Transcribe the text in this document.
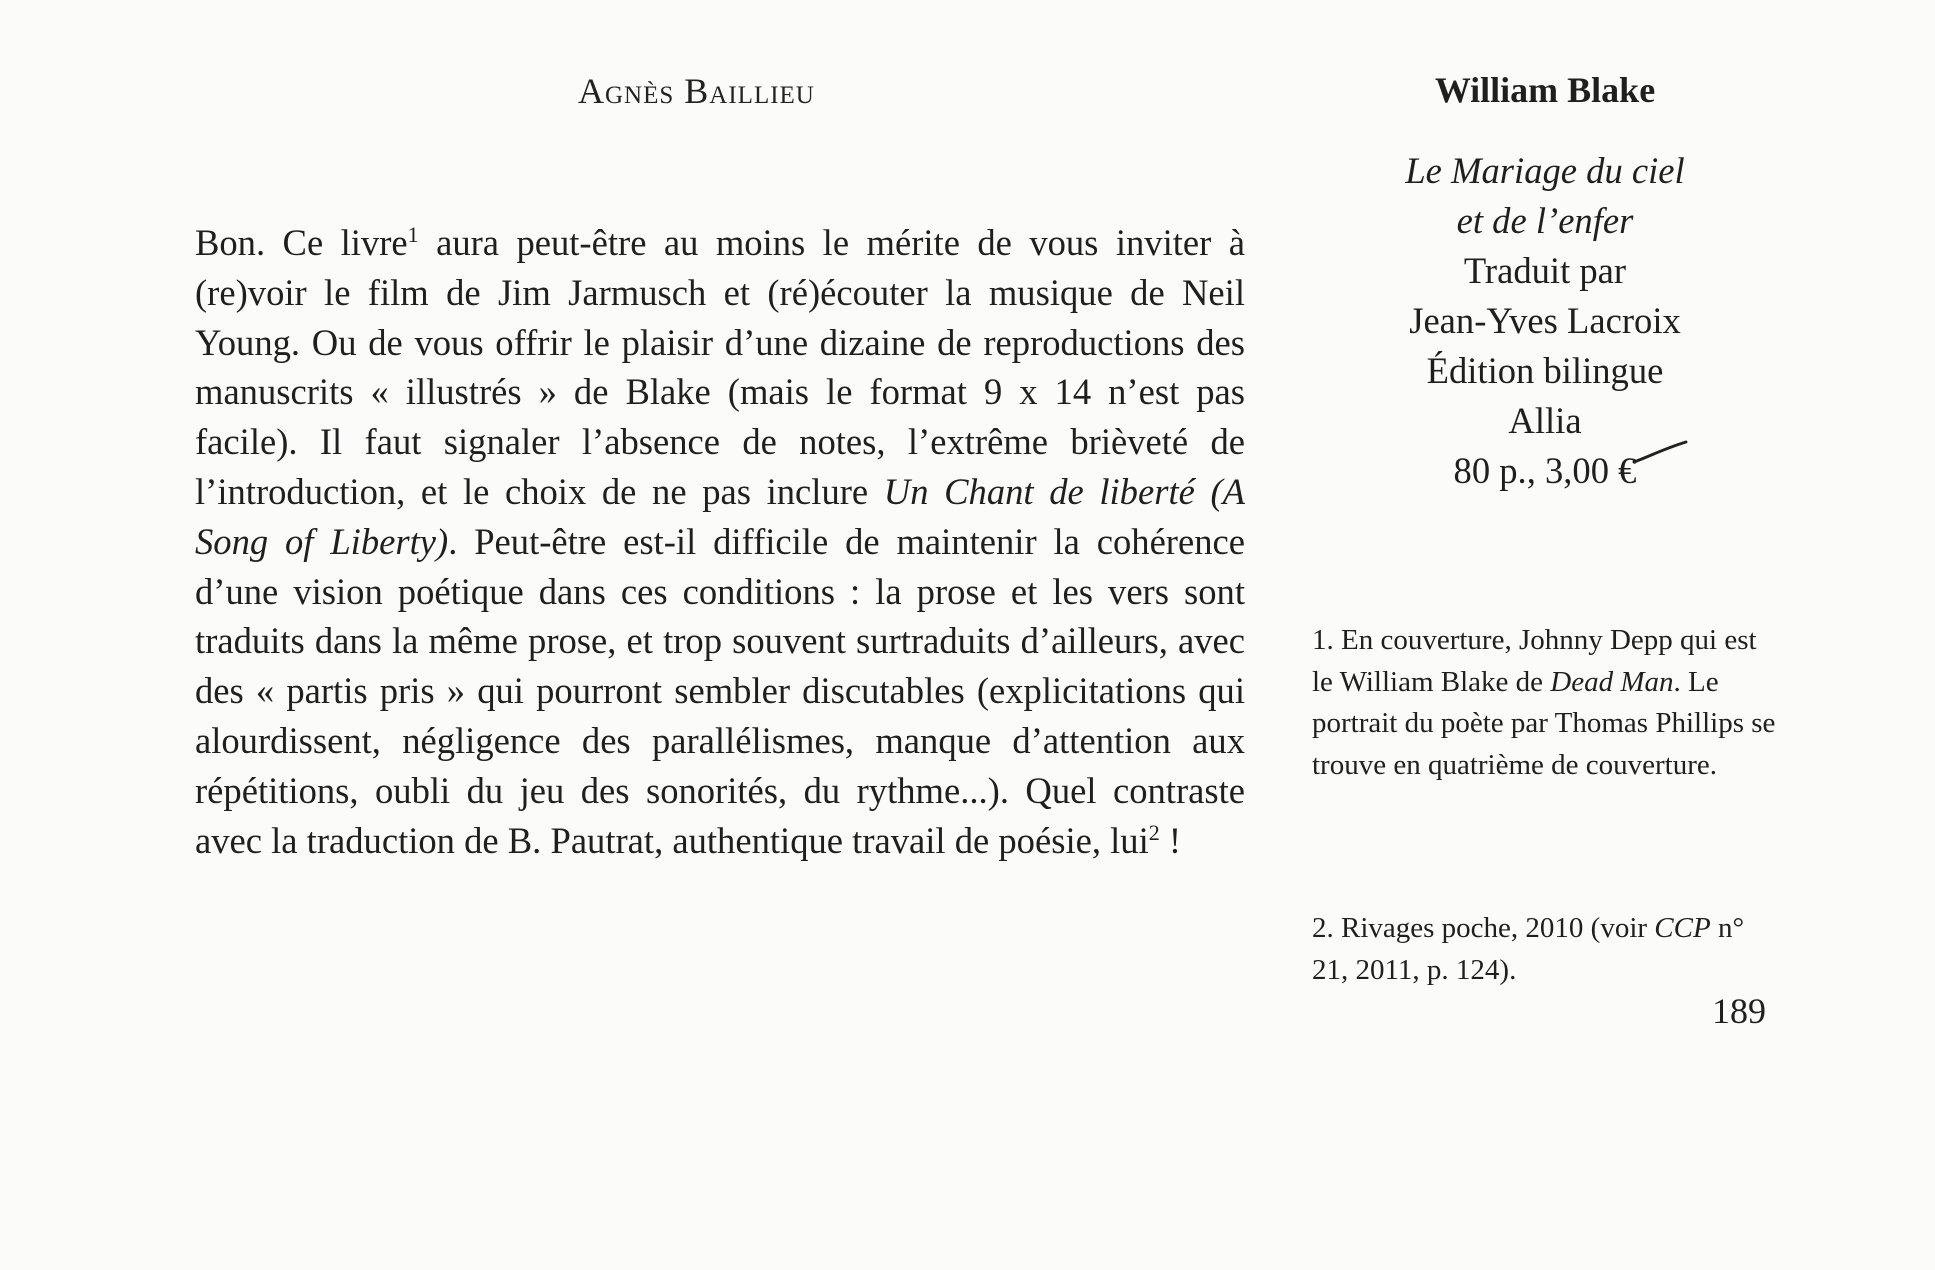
Agnès Baillieu

Bon. Ce livre$^1$ aura peut-être au moins le mérite de vous inviter à (re)voir le film de Jim Jarmusch et (ré)écouter la musique de Neil Young. Ou de vous offrir le plaisir d’une dizaine de reproductions des manuscrits « illustrés » de Blake (mais le format 9 x 14 n’est pas facile). Il faut signaler l’absence de notes, l’extrême brièveté de l’introduction, et le choix de ne pas inclure Un Chant de liberté (A Song of Liberty). Peut-être est-il difficile de maintenir la cohérence d’une vision poétique dans ces conditions : la prose et les vers sont traduits dans la même prose, et trop souvent surtraduits d’ailleurs, avec des « partis pris » qui pourront sembler discutables (explicitations qui alourdissent, négligence des parallélismes, manque d’attention aux répétitions, oubli du jeu des sonorités, du rythme...). Quel contraste avec la traduction de B. Pautrat, authentique travail de poésie, lui$^2$ !

William Blake
Le Mariage du ciel
et de l’enfer
Traduit par
Jean-Yves Lacroix
Édition bilingue
Allia
80 p., 3,00 €
1. En couverture, Johnny Depp qui est le William Blake de Dead Man. Le portrait du poète par Thomas Phillips se trouve en quatrième de couverture.
2. Rivages poche, 2010 (voir CCP n° 21, 2011, p. 124).
189
